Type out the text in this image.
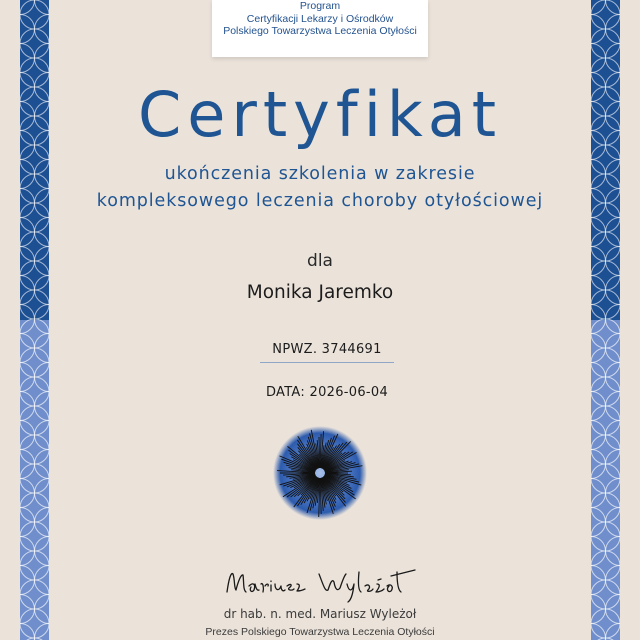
Program
Certyfikacji Lekarzy i Ośrodków
Polskiego Towarzystwa Leczenia Otyłości
Certyfikat
ukończenia szkolenia w zakresie
kompleksowego leczenia choroby otyłościowej
dla
Monika Jaremko
NPWZ. 3744691
DATA: 2026-06-04
dr hab. n. med. Mariusz Wyleżoł
Prezes Polskiego Towarzystwa Leczenia Otyłości
